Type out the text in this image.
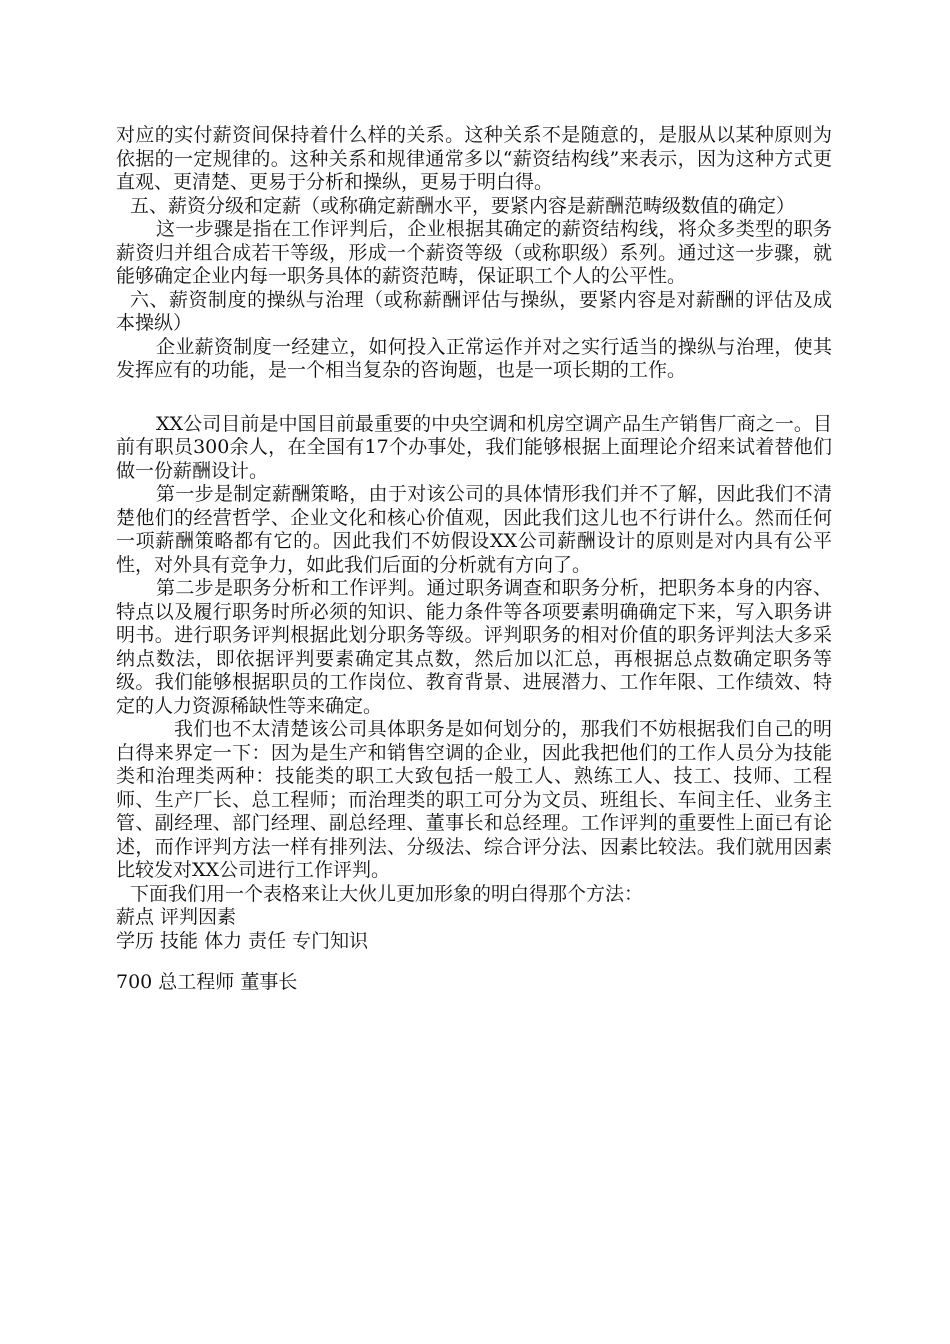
对应的实付薪资间保持着什么样的关系。这种关系不是随意的，是服从以某种原则为依据的一定规律的。这种关系和规律通常多以“薪资结构线”来表示，因为这种方式更直观、更清楚、更易于分析和操纵，更易于明白得。

五、薪资分级和定薪（或称确定薪酬水平，要紧内容是薪酬范畴级数值的确定）

这一步骤是指在工作评判后，企业根据其确定的薪资结构线，将众多类型的职务薪资归并组合成若干等级，形成一个薪资等级（或称职级）系列。通过这一步骤，就能够确定企业内每一职务具体的薪资范畴，保证职工个人的公平性。

六、薪资制度的操纵与治理（或称薪酬评估与操纵，要紧内容是对薪酬的评估及成本操纵）

企业薪资制度一经建立，如何投入正常运作并对之实行适当的操纵与治理，使其发挥应有的功能，是一个相当复杂的咨询题，也是一项长期的工作。

XX公司目前是中国目前最重要的中央空调和机房空调产品生产销售厂商之一。目前有职员300余人，在全国有17个办事处，我们能够根据上面理论介绍来试着替他们做一份薪酬设计。

第一步是制定薪酬策略，由于对该公司的具体情形我们并不了解，因此我们不清楚他们的经营哲学、企业文化和核心价值观，因此我们这儿也不行讲什么。然而任何一项薪酬策略都有它的。因此我们不妨假设XX公司薪酬设计的原则是对内具有公平性，对外具有竞争力，如此我们后面的分析就有方向了。

第二步是职务分析和工作评判。通过职务调查和职务分析，把职务本身的内容、特点以及履行职务时所必须的知识、能力条件等各项要素明确确定下来，写入职务讲明书。进行职务评判根据此划分职务等级。评判职务的相对价值的职务评判法大多采纳点数法，即依据评判要素确定其点数，然后加以汇总，再根据总点数确定职务等级。我们能够根据职员的工作岗位、教育背景、进展潜力、工作年限、工作绩效、特定的人力资源稀缺性等来确定。

我们也不太清楚该公司具体职务是如何划分的，那我们不妨根据我们自己的明白得来界定一下：因为是生产和销售空调的企业，因此我把他们的工作人员分为技能类和治理类两种：技能类的职工大致包括一般工人、熟练工人、技工、技师、工程师、生产厂长、总工程师；而治理类的职工可分为文员、班组长、车间主任、业务主管、副经理、部门经理、副总经理、董事长和总经理。工作评判的重要性上面已有论述，而作评判方法一样有排列法、分级法、综合评分法、因素比较法。我们就用因素比较发对XX公司进行工作评判。

下面我们用一个表格来让大伙儿更加形象的明白得那个方法：

薪点 评判因素

学历 技能 体力 责任 专门知识

700 总工程师 董事长
